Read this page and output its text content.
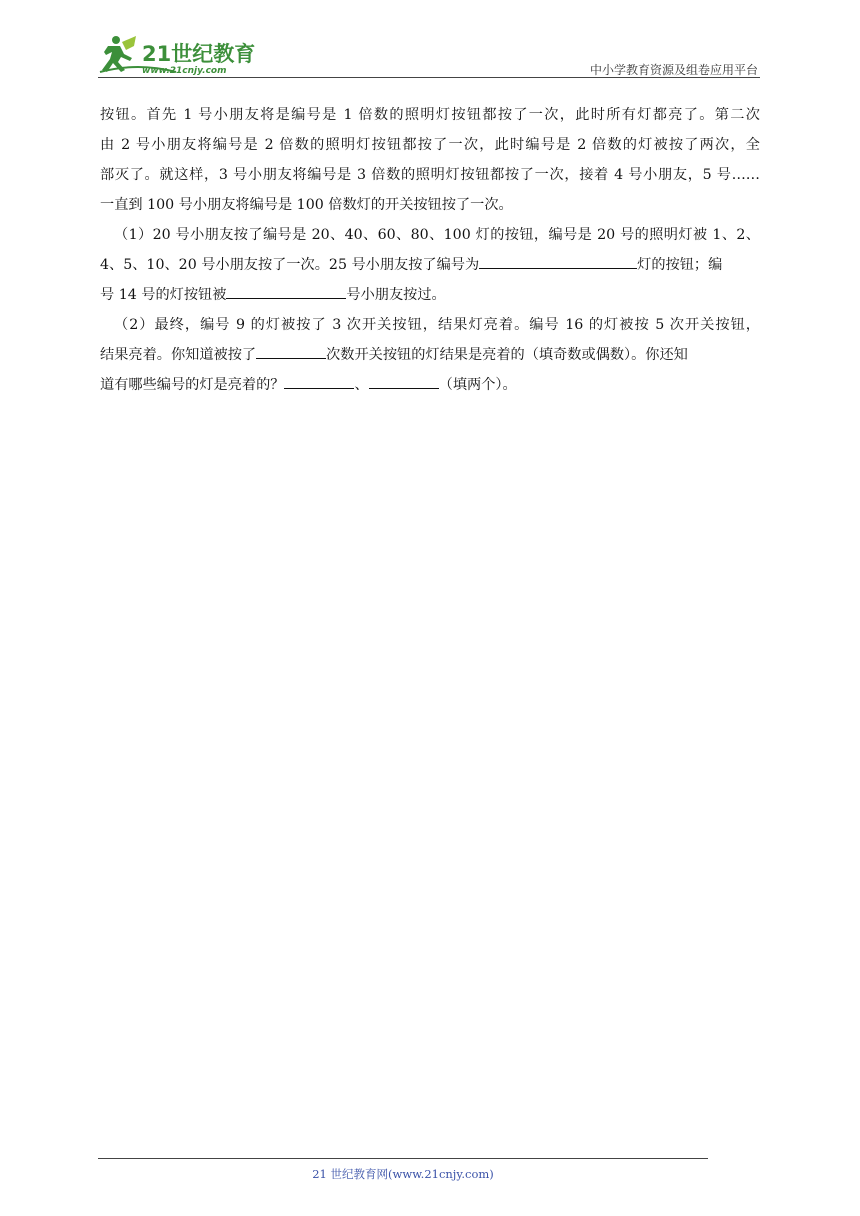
21世纪教育
www.21cnjy.com	中小学教育资源及组卷应用平台
按钮。首先 1 号小朋友将是编号是 1 倍数的照明灯按钮都按了一次，此时所有灯都亮了。第二次
由 2 号小朋友将编号是 2 倍数的照明灯按钮都按了一次，此时编号是 2 倍数的灯被按了两次，全
部灭了。就这样，3 号小朋友将编号是 3 倍数的照明灯按钮都按了一次，接着 4 号小朋友，5 号……
一直到 100 号小朋友将编号是 100 倍数灯的开关按钮按了一次。
（1）20 号小朋友按了编号是 20、40、60、80、100 灯的按钮，编号是 20 号的照明灯被 1、2、
4、5、10、20 号小朋友按了一次。25 号小朋友按了编号为	灯的按钮；编
号 14 号的灯按钮被	号小朋友按过。
（2）最终，编号 9 的灯被按了 3 次开关按钮，结果灯亮着。编号 16 的灯被按 5 次开关按钮，
结果亮着。你知道被按了	次数开关按钮的灯结果是亮着的（填奇数或偶数）。你还知
道有哪些编号的灯是亮着的？	、	（填两个）。
21 世纪教育网(www.21cnjy.com)
